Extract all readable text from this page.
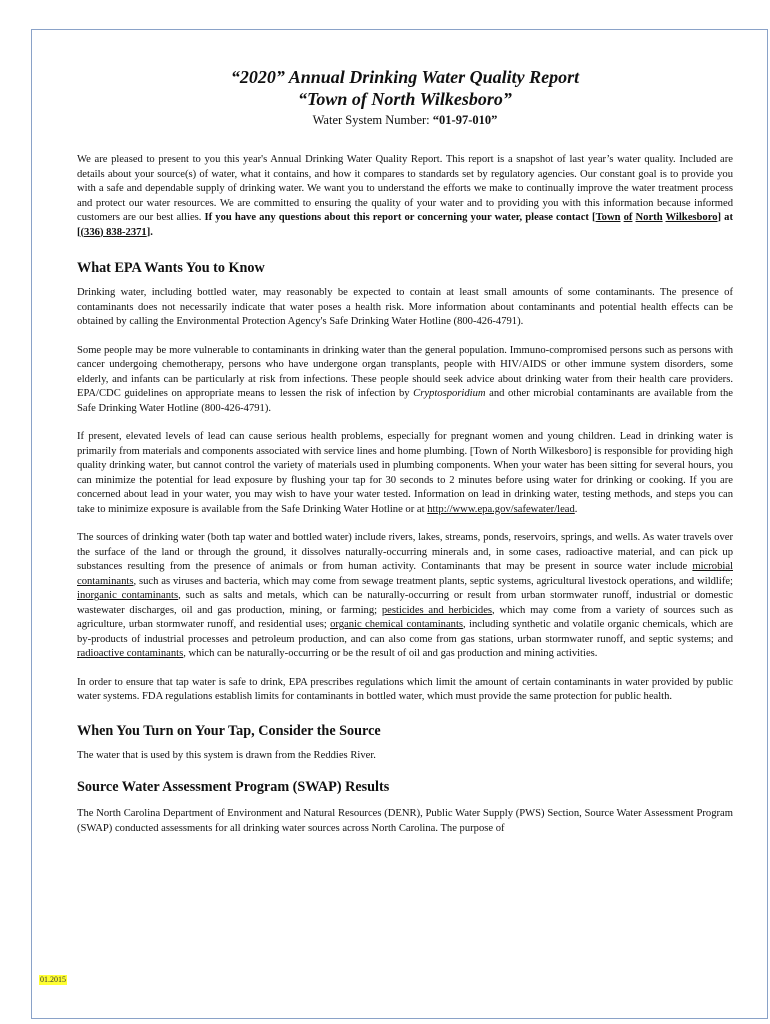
“2020” Annual Drinking Water Quality Report
“Town of North Wilkesboro”
Water System Number: “01-97-010”

We are pleased to present to you this year's Annual Drinking Water Quality Report. This report is a snapshot of last year’s water quality. Included are details about your source(s) of water, what it contains, and how it compares to standards set by regulatory agencies. Our constant goal is to provide you with a safe and dependable supply of drinking water. We want you to understand the efforts we make to continually improve the water treatment process and protect our water resources. We are committed to ensuring the quality of your water and to providing you with this information because informed customers are our best allies. If you have any questions about this report or concerning your water, please contact [Town of North Wilkesboro] at [(336) 838-2371].

What EPA Wants You to Know

Drinking water, including bottled water, may reasonably be expected to contain at least small amounts of some contaminants. The presence of contaminants does not necessarily indicate that water poses a health risk. More information about contaminants and potential health effects can be obtained by calling the Environmental Protection Agency's Safe Drinking Water Hotline (800-426-4791).

Some people may be more vulnerable to contaminants in drinking water than the general population. Immuno-compromised persons such as persons with cancer undergoing chemotherapy, persons who have undergone organ transplants, people with HIV/AIDS or other immune system disorders, some elderly, and infants can be particularly at risk from infections. These people should seek advice about drinking water from their health care providers. EPA/CDC guidelines on appropriate means to lessen the risk of infection by Cryptosporidium and other microbial contaminants are available from the Safe Drinking Water Hotline (800-426-4791).

If present, elevated levels of lead can cause serious health problems, especially for pregnant women and young children. Lead in drinking water is primarily from materials and components associated with service lines and home plumbing. [Town of North Wilkesboro] is responsible for providing high quality drinking water, but cannot control the variety of materials used in plumbing components. When your water has been sitting for several hours, you can minimize the potential for lead exposure by flushing your tap for 30 seconds to 2 minutes before using water for drinking or cooking. If you are concerned about lead in your water, you may wish to have your water tested. Information on lead in drinking water, testing methods, and steps you can take to minimize exposure is available from the Safe Drinking Water Hotline or at http://www.epa.gov/safewater/lead.

The sources of drinking water (both tap water and bottled water) include rivers, lakes, streams, ponds, reservoirs, springs, and wells. As water travels over the surface of the land or through the ground, it dissolves naturally-occurring minerals and, in some cases, radioactive material, and can pick up substances resulting from the presence of animals or from human activity. Contaminants that may be present in source water include microbial contaminants, such as viruses and bacteria, which may come from sewage treatment plants, septic systems, agricultural livestock operations, and wildlife; inorganic contaminants, such as salts and metals, which can be naturally-occurring or result from urban stormwater runoff, industrial or domestic wastewater discharges, oil and gas production, mining, or farming; pesticides and herbicides, which may come from a variety of sources such as agriculture, urban stormwater runoff, and residential uses; organic chemical contaminants, including synthetic and volatile organic chemicals, which are by-products of industrial processes and petroleum production, and can also come from gas stations, urban stormwater runoff, and septic systems; and radioactive contaminants, which can be naturally-occurring or be the result of oil and gas production and mining activities.

In order to ensure that tap water is safe to drink, EPA prescribes regulations which limit the amount of certain contaminants in water provided by public water systems. FDA regulations establish limits for contaminants in bottled water, which must provide the same protection for public health.

When You Turn on Your Tap, Consider the Source

The water that is used by this system is drawn from the Reddies River.

Source Water Assessment Program (SWAP) Results

The North Carolina Department of Environment and Natural Resources (DENR), Public Water Supply (PWS) Section, Source Water Assessment Program (SWAP) conducted assessments for all drinking water sources across North Carolina. The purpose of

01.2015
